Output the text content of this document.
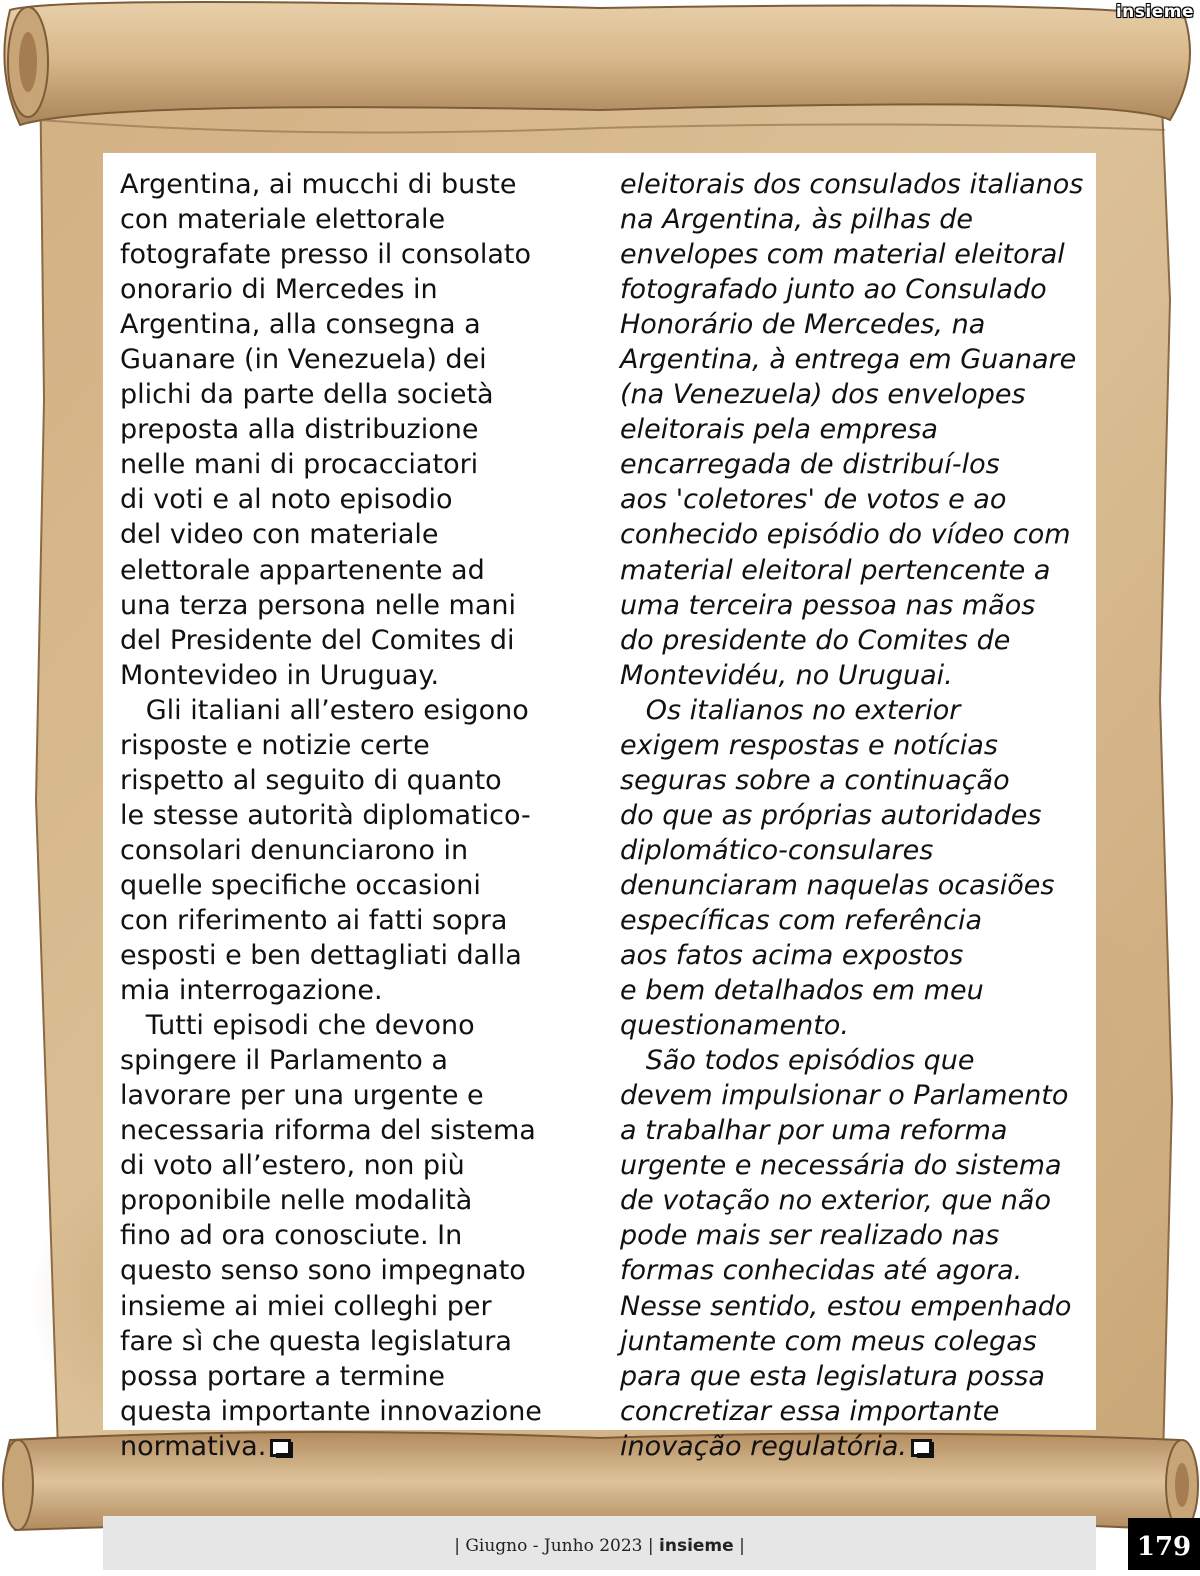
insieme
Argentina, ai mucchi di buste
con materiale elettorale
fotografate presso il consolato
onorario di Mercedes in
Argentina, alla consegna a
Guanare (in Venezuela) dei
plichi da parte della società
preposta alla distribuzione
nelle mani di procacciatori
di voti e al noto episodio
del video con materiale
elettorale appartenente ad
una terza persona nelle mani
del Presidente del Comites di
Montevideo in Uruguay.
Gli italiani all’estero esigono
risposte e notizie certe
rispetto al seguito di quanto
le stesse autorità diplomatico-
consolari denunciarono in
quelle specifiche occasioni
con riferimento ai fatti sopra
esposti e ben dettagliati dalla
mia interrogazione.
Tutti episodi che devono
spingere il Parlamento a
lavorare per una urgente e
necessaria riforma del sistema
di voto all’estero, non più
proponibile nelle modalità
fino ad ora conosciute. In
questo senso sono impegnato
insieme ai miei colleghi per
fare sì che questa legislatura
possa portare a termine
questa importante innovazione
normativa.
eleitorais dos consulados italianos
na Argentina, às pilhas de
envelopes com material eleitoral
fotografado junto ao Consulado
Honorário de Mercedes, na
Argentina, à entrega em Guanare
(na Venezuela) dos envelopes
eleitorais pela empresa
encarregada de distribuí-los
aos 'coletores' de votos e ao
conhecido episódio do vídeo com
material eleitoral pertencente a
uma terceira pessoa nas mãos
do presidente do Comites de
Montevidéu, no Uruguai.
Os italianos no exterior
exigem respostas e notícias
seguras sobre a continuação
do que as próprias autoridades
diplomático-consulares
denunciaram naquelas ocasiões
específicas com referência
aos fatos acima expostos
e bem detalhados em meu
questionamento.
São todos episódios que
devem impulsionar o Parlamento
a trabalhar por uma reforma
urgente e necessária do sistema
de votação no exterior, que não
pode mais ser realizado nas
formas conhecidas até agora.
Nesse sentido, estou empenhado
juntamente com meus colegas
para que esta legislatura possa
concretizar essa importante
inovação regulatória.
| Giugno - Junho 2023 | insieme |	179
